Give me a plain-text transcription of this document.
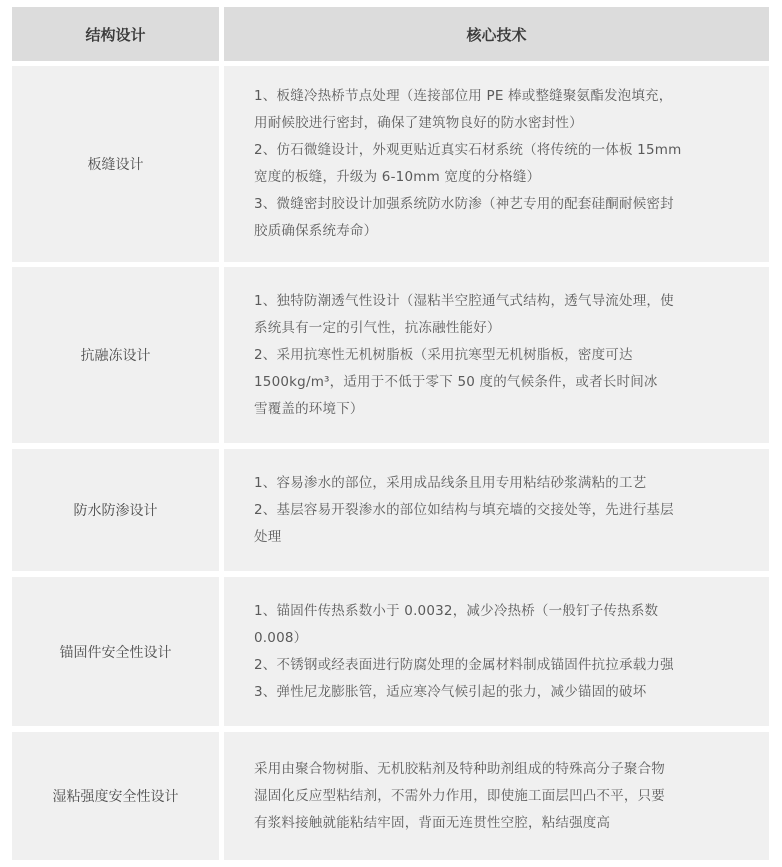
结构设计	核心技术
板缝设计
1、板缝冷热桥节点处理（连接部位用 PE 棒或整缝聚氨酯发泡填充，
用耐候胶进行密封，确保了建筑物良好的防水密封性）
2、仿石微缝设计，外观更贴近真实石材系统（将传统的一体板 15mm
宽度的板缝，升级为 6-10mm 宽度的分格缝）
3、微缝密封胶设计加强系统防水防渗（神艺专用的配套硅酮耐候密封
胶质确保系统寿命）
抗融冻设计
1、独特防潮透气性设计（湿粘半空腔通气式结构，透气导流处理，使
系统具有一定的引气性，抗冻融性能好）
2、采用抗寒性无机树脂板（采用抗寒型无机树脂板，密度可达
1500kg/m³，适用于不低于零下 50 度的气候条件，或者长时间冰
雪覆盖的环境下）
防水防渗设计
1、容易渗水的部位，采用成品线条且用专用粘结砂浆满粘的工艺
2、基层容易开裂渗水的部位如结构与填充墙的交接处等，先进行基层
处理
锚固件安全性设计
1、锚固件传热系数小于 0.0032，减少冷热桥（一般钉子传热系数
0.008）
2、不锈钢或经表面进行防腐处理的金属材料制成锚固件抗拉承载力强
3、弹性尼龙膨胀管，适应寒冷气候引起的张力，减少锚固的破坏
湿粘强度安全性设计
采用由聚合物树脂、无机胶粘剂及特种助剂组成的特殊高分子聚合物
湿固化反应型粘结剂，不需外力作用，即使施工面层凹凸不平，只要
有浆料接触就能粘结牢固，背面无连贯性空腔，粘结强度高
